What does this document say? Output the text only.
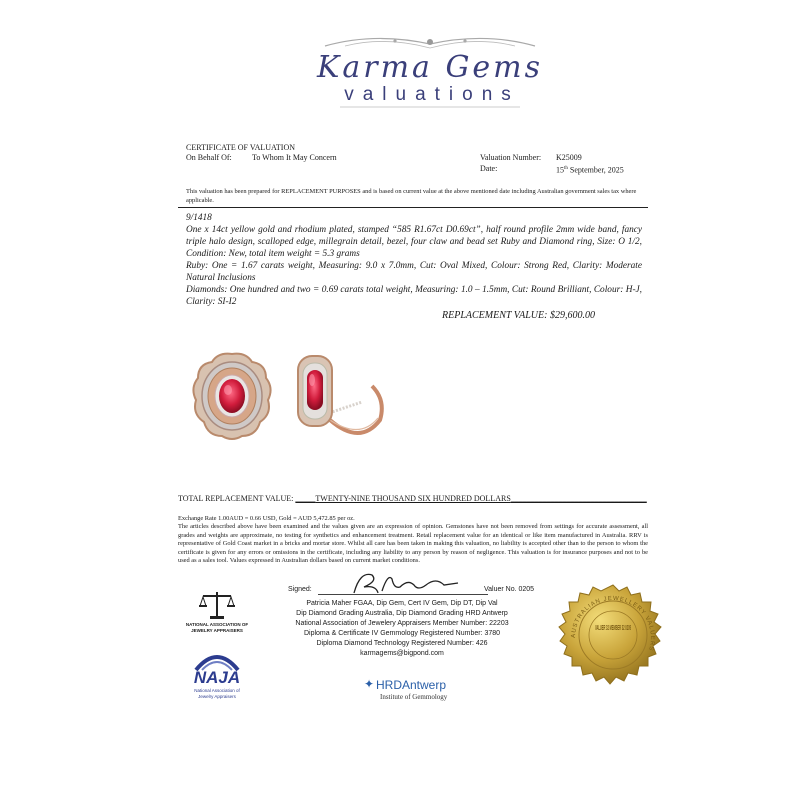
Karma Gems
valuations
CERTIFICATE OF VALUATION
On Behalf Of:	To Whom It May Concern	Valuation Number: K25009
Date:	15th September, 2025
This valuation has been prepared for REPLACEMENT PURPOSES and is based on current value at the above mentioned date including Australian government sales tax where applicable.
9/1418
One x 14ct yellow gold and rhodium plated, stamped “585 R1.67ct D0.69ct”, half round profile 2mm wide band, fancy triple halo design, scalloped edge, millegrain detail, bezel, four claw and bead set Ruby and Diamond ring, Size: O 1/2, Condition: New, total item weight = 5.3 grams
Ruby: One = 1.67 carats weight, Measuring: 9.0 x 7.0mm, Cut: Oval Mixed, Colour: Strong Red, Clarity: Moderate Natural Inclusions
Diamonds: One hundred and two = 0.69 carats total weight, Measuring: 1.0 – 1.5mm, Cut: Round Brilliant, Colour: H-J, Clarity: SI-I2
REPLACEMENT VALUE: $29,600.00
TOTAL REPLACEMENT VALUE: _____TWENTY-NINE THOUSAND SIX HUNDRED DOLLARS__________________________________
Exchange Rate 1.00AUD = 0.66 USD, Gold = AUD 5,472.85 per oz.
The articles described above have been examined and the values given are an expression of opinion. Gemstones have not been removed from settings for accurate assessment, all grades and weights are approximate, no testing for synthetics and enhancement treatment. Retail replacement value for an identical or like item manufactured in Australia. RRV is representative of Gold Coast market in a bricks and mortar store. Whilst all care has been taken in making this valuation, no liability is accepted other than to the person to whom the certificate is given for any errors or omissions in the certificate, including any liability to any person by reason of negligence. This valuation is for insurance purposes and not to be used as a sales tool. Values expressed in Australian dollars based on current market conditions.
Signed:	Valuer No. 0205
Patricia Maher FGAA, Dip Gem, Cert IV Gem, Dip DT, Dip Val
Dip Diamond Grading Australia, Dip Diamond Grading HRD Antwerp
National Association of Jewelery Appraisers Member Number: 22203
Diploma & Certificate IV Gemmology Registered Number: 3780
Diploma Diamond Technology Registered Number: 426
karmagems@bigpond.com
NATIONAL ASSOCIATION OF
JEWELRY APPRAISERS
NAJA
National Association of
Jewelry Appraisers
✦ HRDAntwerp
Institute of Gemmology
AUSTRALIAN JEWELLERY VALUERS
VALUER 32 MEMBER 32 0205
